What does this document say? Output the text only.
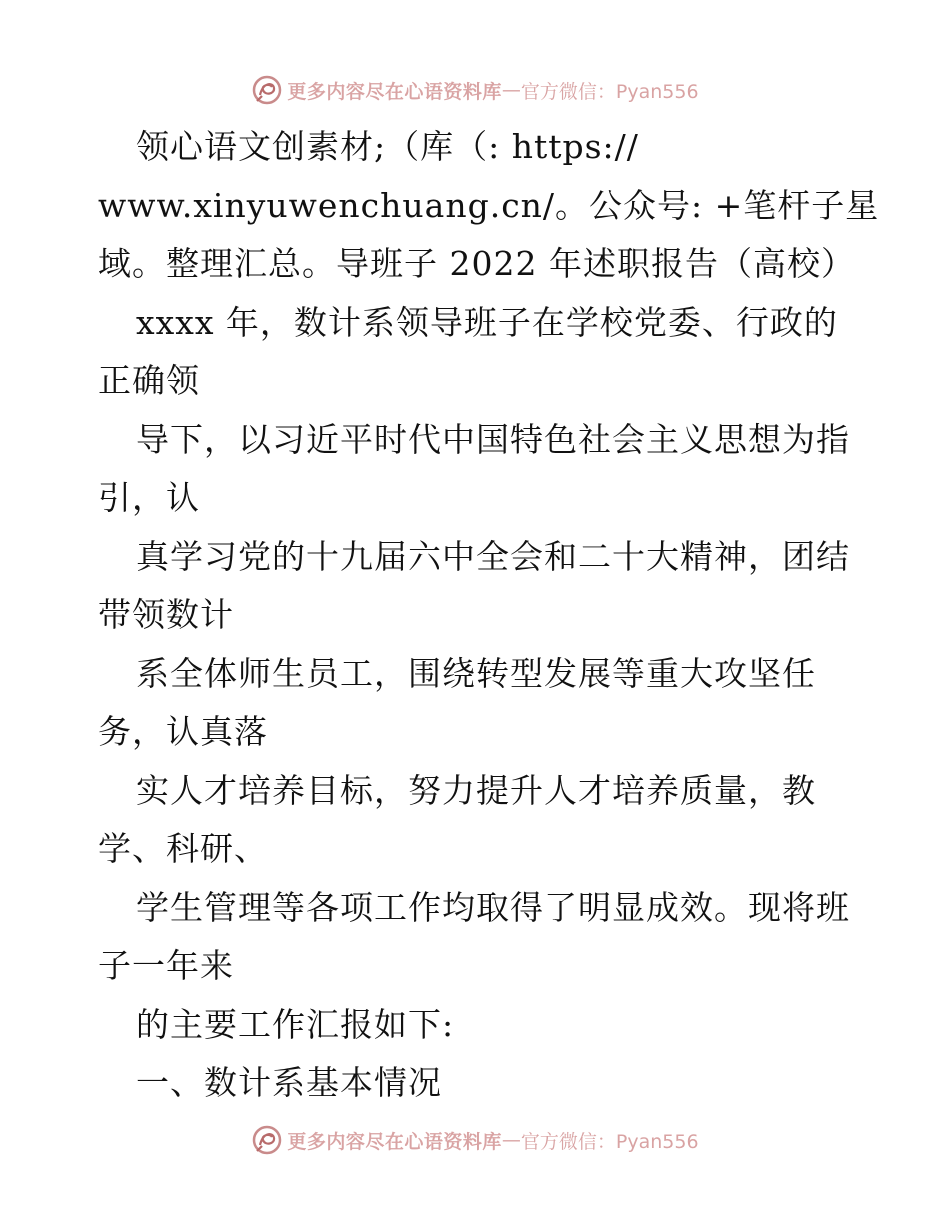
更多内容尽在心语资料库 — 官方微信：Pyan556
领心语文创素材;（库（: https://
www.xinyuwenchuang.cn/。公众号: +笔杆子星
域。整理汇总。导班子 2022 年述职报告（高校）
xxxx 年，数计系领导班子在学校党委、行政的
正确领
导下，以习近平时代中国特色社会主义思想为指
引，认
真学习党的十九届六中全会和二十大精神，团结
带领数计
系全体师生员工，围绕转型发展等重大攻坚任
务，认真落
实人才培养目标，努力提升人才培养质量，教
学、科研、
学生管理等各项工作均取得了明显成效。现将班
子一年来
的主要工作汇报如下:
一、数计系基本情况
更多内容尽在心语资料库 — 官方微信：Pyan556
